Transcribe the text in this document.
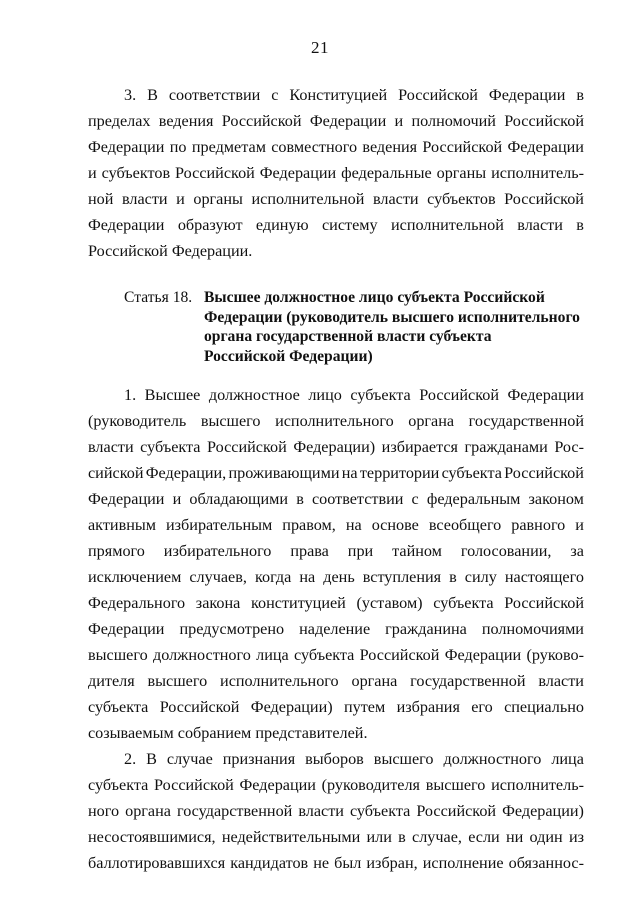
21
3. В соответствии с Конституцией Российской Федерации в
пределах ведения Российской Федерации и полномочий Российской
Федерации по предметам совместного ведения Российской Федерации
и субъектов Российской Федерации федеральные органы исполнитель-
ной власти и органы исполнительной власти субъектов Российской
Федерации образуют единую систему исполнительной власти в
Российской Федерации.
Статья 18. Высшее должностное лицо субъекта Российской
Федерации (руководитель высшего исполнительного
органа государственной власти субъекта
Российской Федерации)
1. Высшее должностное лицо субъекта Российской Федерации
(руководитель высшего исполнительного органа государственной
власти субъекта Российской Федерации) избирается гражданами Рос-
сийской Федерации, проживающими на территории субъекта Российской
Федерации и обладающими в соответствии с федеральным законом
активным избирательным правом, на основе всеобщего равного и
прямого избирательного права при тайном голосовании, за
исключением случаев, когда на день вступления в силу настоящего
Федерального закона конституцией (уставом) субъекта Российской
Федерации предусмотрено наделение гражданина полномочиями
высшего должностного лица субъекта Российской Федерации (руково-
дителя высшего исполнительного органа государственной власти
субъекта Российской Федерации) путем избрания его специально
созываемым собранием представителей.
2. В случае признания выборов высшего должностного лица
субъекта Российской Федерации (руководителя высшего исполнитель-
ного органа государственной власти субъекта Российской Федерации)
несостоявшимися, недействительными или в случае, если ни один из
баллотировавшихся кандидатов не был избран, исполнение обязаннос-
